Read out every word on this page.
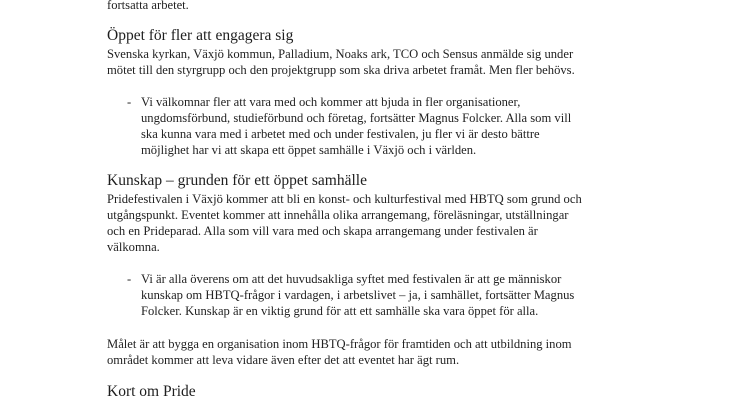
fortsatta arbetet.
Öppet för fler att engagera sig
Svenska kyrkan, Växjö kommun, Palladium, Noaks ark, TCO och Sensus anmälde sig under
mötet till den styrgrupp och den projektgrupp som ska driva arbetet framåt. Men fler behövs.
- Vi välkomnar fler att vara med och kommer att bjuda in fler organisationer,
ungdomsförbund, studieförbund och företag, fortsätter Magnus Folcker. Alla som vill
ska kunna vara med i arbetet med och under festivalen, ju fler vi är desto bättre
möjlighet har vi att skapa ett öppet samhälle i Växjö och i världen.
Kunskap – grunden för ett öppet samhälle
Pridefestivalen i Växjö kommer att bli en konst- och kulturfestival med HBTQ som grund och
utgångspunkt. Eventet kommer att innehålla olika arrangemang, föreläsningar, utställningar
och en Prideparad. Alla som vill vara med och skapa arrangemang under festivalen är
välkomna.
- Vi är alla överens om att det huvudsakliga syftet med festivalen är att ge människor
kunskap om HBTQ-frågor i vardagen, i arbetslivet – ja, i samhället, fortsätter Magnus
Folcker. Kunskap är en viktig grund för att ett samhälle ska vara öppet för alla.
Målet är att bygga en organisation inom HBTQ-frågor för framtiden och att utbildning inom
området kommer att leva vidare även efter det att eventet har ägt rum.
Kort om Pride
